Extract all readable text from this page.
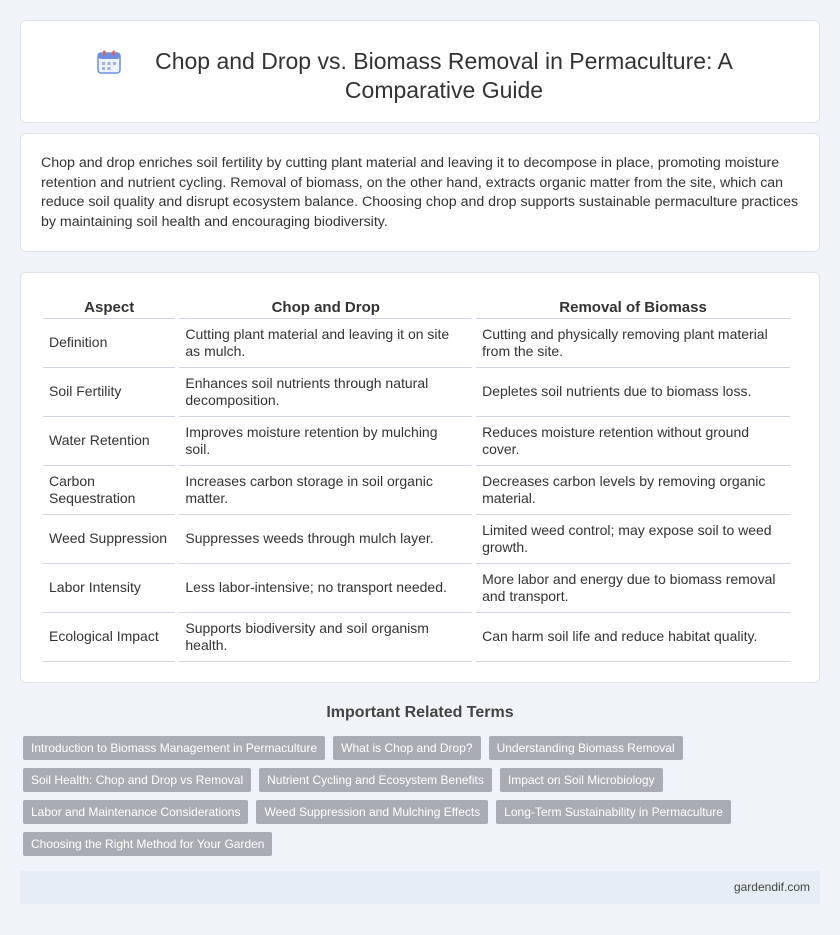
Chop and Drop vs. Biomass Removal in Permaculture: A Comparative Guide

Chop and drop enriches soil fertility by cutting plant material and leaving it to decompose in place, promoting moisture retention and nutrient cycling. Removal of biomass, on the other hand, extracts organic matter from the site, which can reduce soil quality and disrupt ecosystem balance. Choosing chop and drop supports sustainable permaculture practices by maintaining soil health and encouraging biodiversity.

Aspect	Chop and Drop	Removal of Biomass
Definition	Cutting plant material and leaving it on site as mulch.	Cutting and physically removing plant material from the site.
Soil Fertility	Enhances soil nutrients through natural decomposition.	Depletes soil nutrients due to biomass loss.
Water Retention	Improves moisture retention by mulching soil.	Reduces moisture retention without ground cover.
Carbon Sequestration	Increases carbon storage in soil organic matter.	Decreases carbon levels by removing organic material.
Weed Suppression	Suppresses weeds through mulch layer.	Limited weed control; may expose soil to weed growth.
Labor Intensity	Less labor-intensive; no transport needed.	More labor and energy due to biomass removal and transport.
Ecological Impact	Supports biodiversity and soil organism health.	Can harm soil life and reduce habitat quality.
Important Related Terms
Introduction to Biomass Management in Permaculture	What is Chop and Drop?	Understanding Biomass Removal
Soil Health: Chop and Drop vs Removal	Nutrient Cycling and Ecosystem Benefits	Impact on Soil Microbiology
Labor and Maintenance Considerations	Weed Suppression and Mulching Effects	Long-Term Sustainability in Permaculture
Choosing the Right Method for Your Garden
gardendif.com
